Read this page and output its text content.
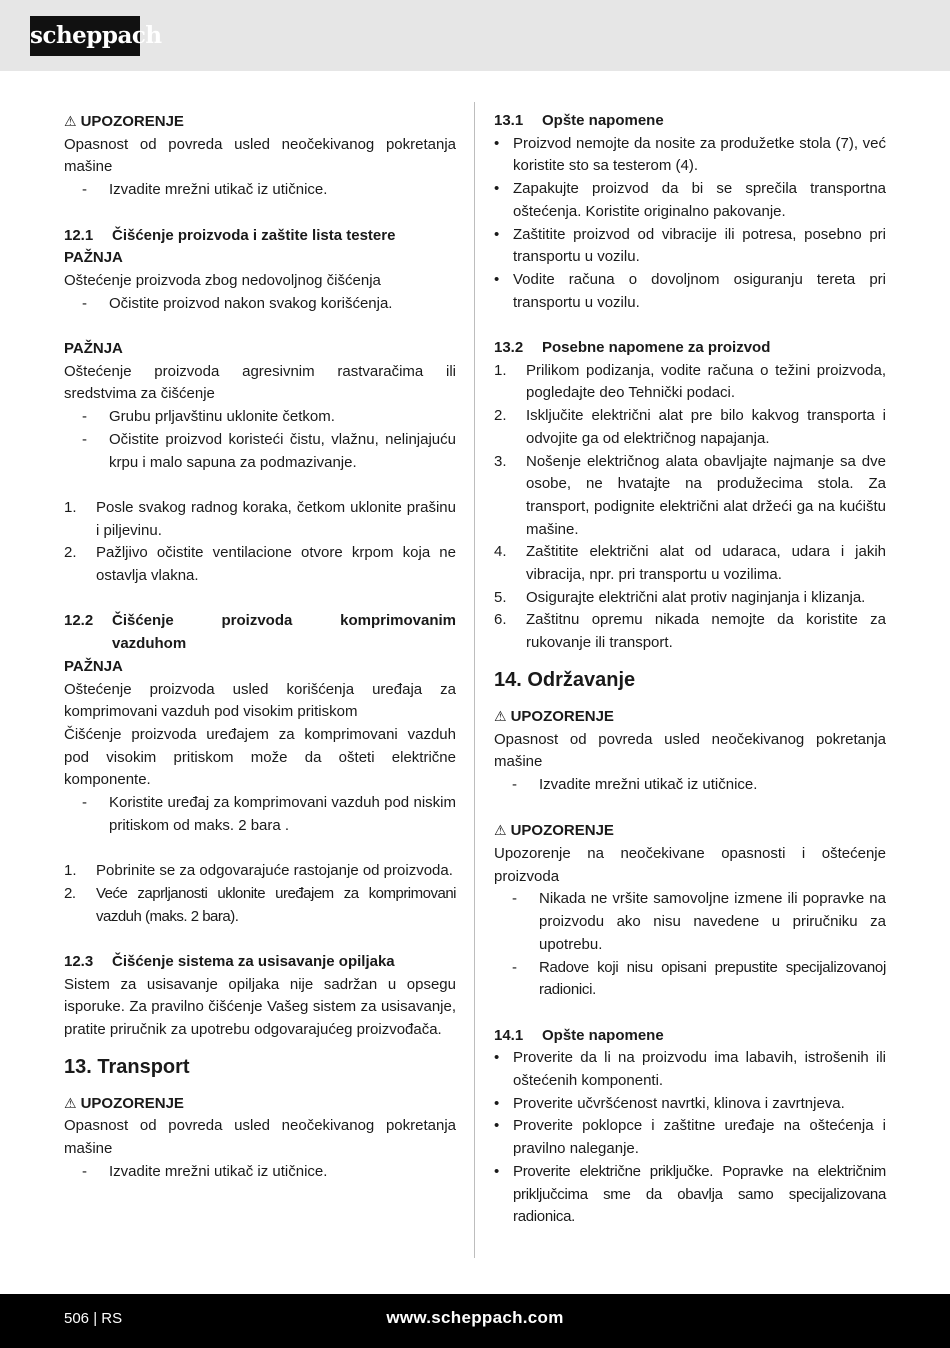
scheppach

⚠ UPOZORENJE

Opasnost od povreda usled neočekivanog pokretanja mašine

- Izvadite mrežni utikač iz utičnice.

12.1	Čišćenje proizvoda i zaštite lista testere

PAŽNJA

Oštećenje proizvoda zbog nedovoljnog čišćenja

- Očistite proizvod nakon svakog korišćenja.

PAŽNJA

Oštećenje proizvoda agresivnim rastvaračima ili sredstvima za čišćenje

- Grubu prljavštinu uklonite četkom.

- Očistite proizvod koristeći čistu, vlažnu, nelinjajuću krpu i malo sapuna za podmazivanje.

1. Posle svakog radnog koraka, četkom uklonite prašinu i piljevinu.

2. Pažljivo očistite ventilacione otvore krpom koja ne ostavlja vlakna.

12.2	Čišćenje proizvoda komprimovanim

vazduhom

PAŽNJA

Oštećenje proizvoda usled korišćenja uređaja za komprimovani vazduh pod visokim pritiskom

Čišćenje proizvoda uređajem za komprimovani vazduh pod visokim pritiskom može da ošteti električne komponente.

- Koristite uređaj za komprimovani vazduh pod niskim pritiskom od maks. 2 bara .

1. Pobrinite se za odgovarajuće rastojanje od proizvoda.

2. Veće zaprljanosti uklonite uređajem za komprimovani vazduh (maks. 2 bara).

12.3	Čišćenje sistema za usisavanje opiljaka

Sistem za usisavanje opiljaka nije sadržan u opsegu isporuke. Za pravilno čišćenje Vašeg sistem za usisavanje, pratite priručnik za upotrebu odgovarajućeg proizvođača.

13. Transport

⚠ UPOZORENJE

Opasnost od povreda usled neočekivanog pokretanja mašine

- Izvadite mrežni utikač iz utičnice.

13.1	Opšte napomene

• Proizvod nemojte da nosite za produžetke stola (7), već koristite sto sa testerom (4).

• Zapakujte proizvod da bi se sprečila transportna oštećenja. Koristite originalno pakovanje.

• Zaštitite proizvod od vibracije ili potresa, posebno pri transportu u vozilu.

• Vodite računa o dovoljnom osiguranju tereta pri transportu u vozilu.

13.2	Posebne napomene za proizvod

1. Prilikom podizanja, vodite računa o težini proizvoda, pogledajte deo Tehnički podaci.

2. Isključite električni alat pre bilo kakvog transporta i odvojite ga od električnog napajanja.

3. Nošenje električnog alata obavljajte najmanje sa dve osobe, ne hvatajte na produžecima stola. Za transport, podignite električni alat držeći ga na kućištu mašine.

4. Zaštitite električni alat od udaraca, udara i jakih vibracija, npr. pri transportu u vozilima.

5. Osigurajte električni alat protiv naginjanja i klizanja.

6. Zaštitnu opremu nikada nemojte da koristite za rukovanje ili transport.

14. Održavanje

⚠ UPOZORENJE

Opasnost od povreda usled neočekivanog pokretanja mašine

- Izvadite mrežni utikač iz utičnice.

⚠ UPOZORENJE

Upozorenje na neočekivane opasnosti i oštećenje proizvoda

- Nikada ne vršite samovoljne izmene ili popravke na proizvodu ako nisu navedene u priručniku za upotrebu.

- Radove koji nisu opisani prepustite specijalizovanoj radionici.

14.1	Opšte napomene

• Proverite da li na proizvodu ima labavih, istrošenih ili oštećenih komponenti.

• Proverite učvršćenost navrtki, klinova i zavrtnjeva.

• Proverite poklopce i zaštitne uređaje na oštećenja i pravilno naleganje.

• Proverite električne priključke. Popravke na električnim priključcima sme da obavlja samo specijalizovana radionica.

506 | RS	www.scheppach.com
